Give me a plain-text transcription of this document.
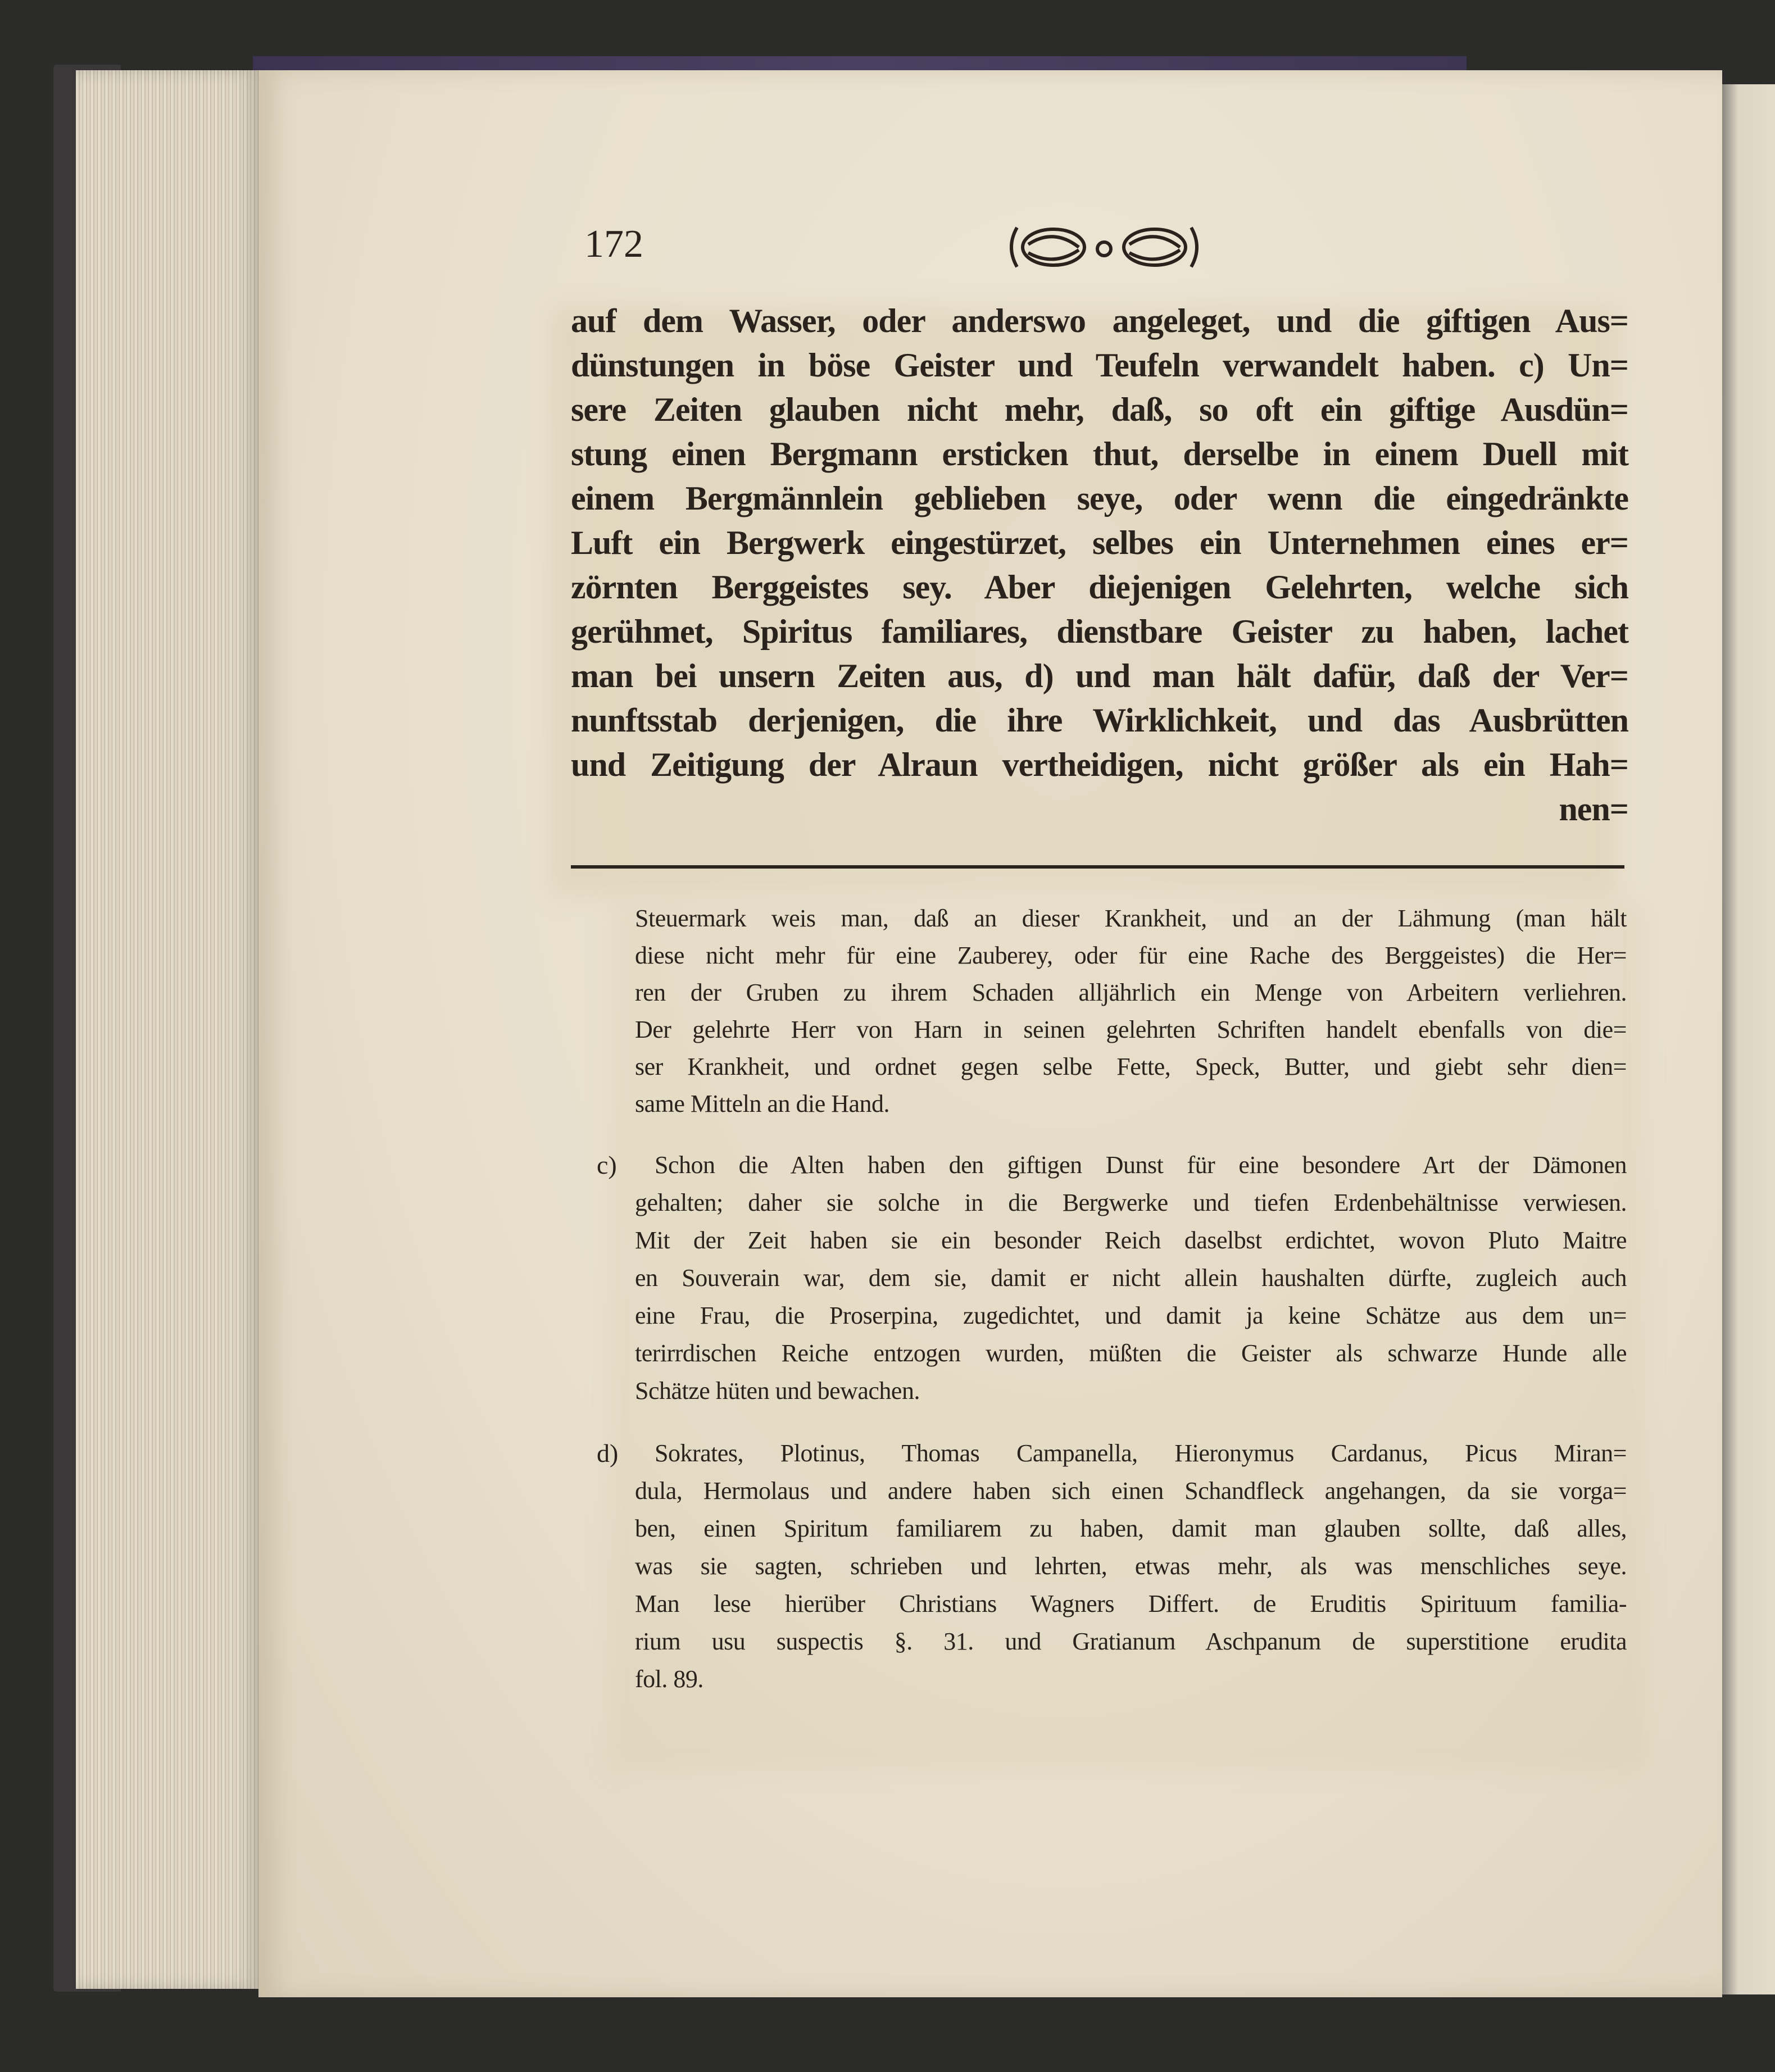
172
auf dem Wasser, oder anderswo angeleget, und die giftigen Aus=
dünstungen in böse Geister und Teufeln verwandelt haben. c) Un=
sere Zeiten glauben nicht mehr, daß, so oft ein giftige Ausdün=
stung einen Bergmann ersticken thut, derselbe in einem Duell mit
einem Bergmännlein geblieben seye, oder wenn die eingedränkte
Luft ein Bergwerk eingestürzet, selbes ein Unternehmen eines er=
zörnten Berggeistes sey. Aber diejenigen Gelehrten, welche sich
gerühmet, Spiritus familiares, dienstbare Geister zu haben, lachet
man bei unsern Zeiten aus, d) und man hält dafür, daß der Ver=
nunftsstab derjenigen, die ihre Wirklichkeit, und das Ausbrütten
und Zeitigung der Alraun vertheidigen, nicht größer als ein Hah=
nen=
Steuermark weis man, daß an dieser Krankheit, und an der Lähmung (man hält
diese nicht mehr für eine Zauberey, oder für eine Rache des Berggeistes) die Her=
ren der Gruben zu ihrem Schaden alljährlich ein Menge von Arbeitern verliehren.
Der gelehrte Herr von Harn in seinen gelehrten Schriften handelt ebenfalls von die=
ser Krankheit, und ordnet gegen selbe Fette, Speck, Butter, und giebt sehr dien=
same Mitteln an die Hand.
c) Schon die Alten haben den giftigen Dunst für eine besondere Art der Dämonen
gehalten; daher sie solche in die Bergwerke und tiefen Erdenbehältnisse verwiesen.
Mit der Zeit haben sie ein besonder Reich daselbst erdichtet, wovon Pluto Maitre
en Souverain war, dem sie, damit er nicht allein haushalten dürfte, zugleich auch
eine Frau, die Proserpina, zugedichtet, und damit ja keine Schätze aus dem un=
terirrdischen Reiche entzogen wurden, müßten die Geister als schwarze Hunde alle
Schätze hüten und bewachen.
d) Sokrates, Plotinus, Thomas Campanella, Hieronymus Cardanus, Picus Miran=
dula, Hermolaus und andere haben sich einen Schandfleck angehangen, da sie vorga=
ben, einen Spiritum familiarem zu haben, damit man glauben sollte, daß alles,
was sie sagten, schrieben und lehrten, etwas mehr, als was menschliches seye.
Man lese hierüber Christians Wagners Differt. de Eruditis Spirituum familia-
rium usu suspectis §. 31. und Gratianum Aschpanum de superstitione erudita
fol. 89.
